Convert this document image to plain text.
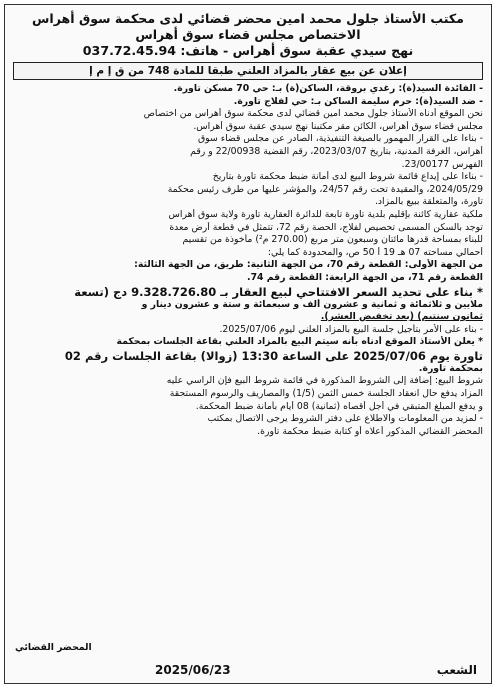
مكتب الأستاذ جلول محمد امين محضر قضائي لدى محكمة سوق أهراس
الاختصاص مجلس قضاء سوق أهراس
نهج سيدي عقبة سوق أهراس - هاتف: 037.72.45.94
إعلان عن بيع عقار بالمزاد العلني طبقا للمادة 748 من ق إ م إ
- الفائدة السيد(ة): رغدي بروقة، الساكن(ة) بـ: حي 70 مسكن تاورة.
- ضد السيد(ة): حرم سليمة الساكن بـ: حي لفلاج تاورة.
نحن الموقع أدناه الأستاذ جلول محمد امين قضائي لدى محكمة سوق أهراس من اختصاص
مجلس قضاء سوق أهراس، الكائن مقر مكتبنا نهج سيدي عقبة سوق أهراس.
- بناءا على القرار المهمور بالصيغة التنفيذية، الصادر عن مجلس قضاء سوق
أهراس، الغرفة المدنية، بتاريخ 2023/03/07، رقم القضية 22/00938 و رقم
الفهرس 23/00177.
- بناءا على إيداع قائمة شروط البيع لدى أمانة ضبط محكمة تاورة بتاريخ
2024/05/29، والمقيدة تحت رقم 24/57، والمؤشر عليها من طرف رئيس محكمة
تاورة، والمتعلقة ببيع بالمزاد.
ملكية عقارية كائنة بإقليم بلدية تاورة تابعة للدائرة العقارية تاورة ولاية سوق أهراس
توجد بالسكن المسمى تحصيص لفلاج، الحصة رقم 72، تتمثل في قطعة أرض معدة
للبناء بمساحة قدرها مائتان وسبعون متر مربع (270.00 م²) مأخوذة من تقسيم
أحمالي مساحته 07 هـ 19 أ 50 ص، والمحدودة كما يلي:
من الجهة الأولى: القطعة رقم 70، من الجهة الثانية: طريق، من الجهة الثالثة:
القطعة رقم 71، من الجهة الرابعة: القطعة رقم 74.
* بناء على تحديد السعر الافتتاحي لبيع العقار بـ 9.328.726.80 دج (تسعة
ملايين و ثلاثمائة و ثمانية و عشرون ألف و سبعمائة و ستة و عشرون دينار و
ثمانون سنتيم) (بعد تخفيض العشر).
- بناء على الأمر بتأجيل جلسة البيع بالمزاد العلني ليوم 2025/07/06.
* يعلن الأستاذ الموقع أدناه بأنه سيتم البيع بالمزاد العلني بقاعة الجلسات بمحكمة
تاورة يوم 2025/07/06 على الساعة 13:30 (زوالا) بقاعة الجلسات رقم 02
بمحكمة تاورة.
شروط البيع: إضافة إلى الشروط المذكورة في قائمة شروط البيع فإن الراسي عليه
المزاد يدفع حال انعقاد الجلسة خمس الثمن (1/5) والمصاريف والرسوم المستحقة
و يدفع المبلغ المتبقي في أجل أقصاه (ثمانية) 08 أيام بأمانة ضبط المحكمة.
- لمزيد من المعلومات والاطلاع على دفتر الشروط يرجى الاتصال بمكتب
المحضر القضائي المذكور أعلاه أو كتابة ضبط محكمة تاورة.
المحضر القضائي
الشعب
2025/06/23
